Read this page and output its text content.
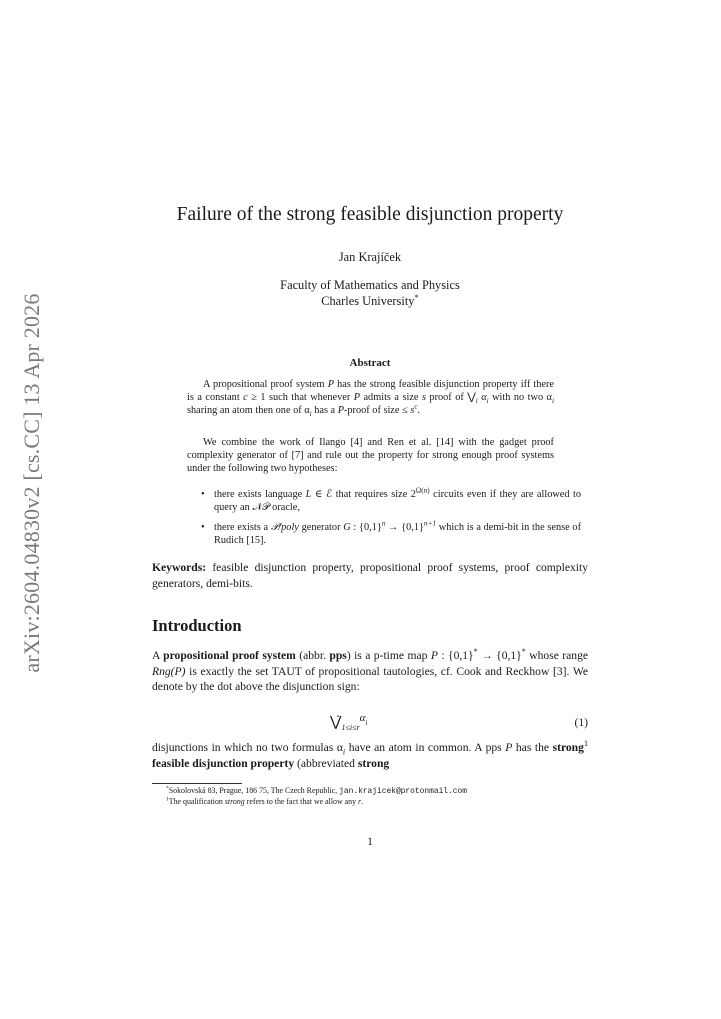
arXiv:2604.04830v2 [cs.CC] 13 Apr 2026
Failure of the strong feasible disjunction property
Jan Krajíček
Faculty of Mathematics and Physics
Charles University*
Abstract
A propositional proof system P has the strong feasible disjunction property iff there is a constant c ≥ 1 such that whenever P admits a size s proof of $⋁_i$ $\alpha_i$ with no two $\alpha_i$ sharing an atom then one of $\alpha_i$ has a P-proof of size ≤ $s^c$.
We combine the work of Ilango [4] and Ren et al. [14] with the gadget proof complexity generator of [7] and rule out the property for strong enough proof systems under the following two hypotheses:
• there exists language L ∈ ℰ that requires size $2^{\Omega(n)}$ circuits even if they are allowed to query an 𝒩𝒫 oracle,
• there exists a 𝒫/poly generator G : $\{0,1\}^n \to \{0,1\}^{n+1}$ which is a demi-bit in the sense of Rudich [15].
Keywords: feasible disjunction property, propositional proof systems, proof complexity generators, demi-bits.
Introduction
A propositional proof system (abbr. pps) is a p-time map P : {0,1}* → {0,1}* whose range Rng(P) is exactly the set TAUT of propositional tautologies, cf. Cook and Reckhow [3]. We denote by the dot above the disjunction sign:
$⋁̇_{1\le i\le r}^\alpha_i$	(1)
disjunctions in which no two formulas $\alpha_i$ have an atom in common. A pps P has the strong$^1$ feasible disjunction property (abbreviated strong
*Sokolovská 83, Prague, 186 75, The Czech Republic, jan.krajicek@protonmail.com
$^1$The qualification strong refers to the fact that we allow any r.
1
